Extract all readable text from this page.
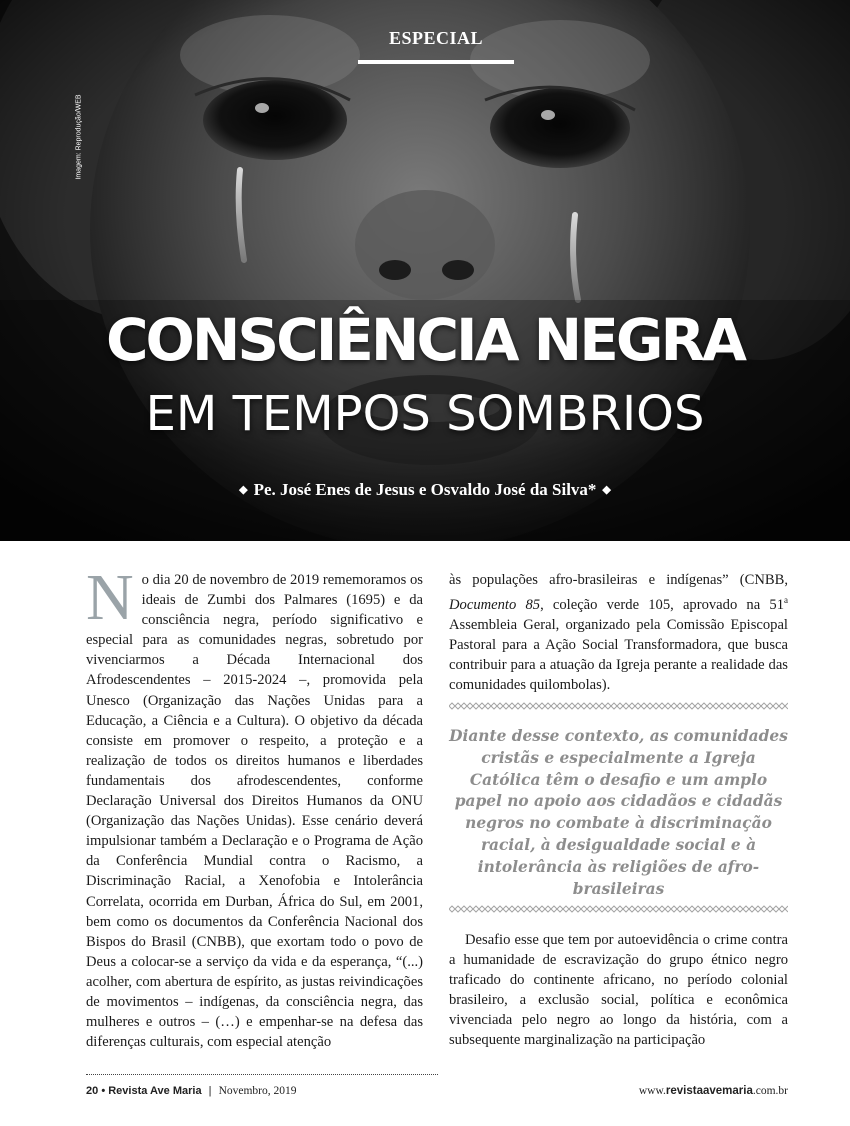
ESPECIAL
Imagem: Reprodução/WEB
CONSCIÊNCIA NEGRA
EM TEMPOS SOMBRIOS
◆ Pe. José Enes de Jesus e Osvaldo José da Silva* ◆
N o dia 20 de novembro de 2019 rememoramos os ideais de Zumbi dos Palmares (1695) e da consciência negra, período significativo e especial para as comunidades negras, sobretudo por vivenciarmos a Década Internacional dos Afrodescendentes – 2015-2024 –, promovida pela Unesco (Organização das Nações Unidas para a Educação, a Ciência e a Cultura). O objetivo da década consiste em promover o respeito, a proteção e a realização de todos os direitos humanos e liberdades fundamentais dos afrodescendentes, conforme Declaração Universal dos Direitos Humanos da ONU (Organização das Nações Unidas). Esse cenário deverá impulsionar também a Declaração e o Programa de Ação da Conferência Mundial contra o Racismo, a Discriminação Racial, a Xenofobia e Intolerância Correlata, ocorrida em Durban, África do Sul, em 2001, bem como os documentos da Conferência Nacional dos Bispos do Brasil (CNBB), que exortam todo o povo de Deus a colocar-se a serviço da vida e da esperança, “(...) acolher, com abertura de espírito, as justas reivindicações de movimentos – indígenas, da consciência negra, das mulheres e outros – (…) e empenhar-se na defesa das diferenças culturais, com especial atenção

às populações afro-brasileiras e indígenas” (CNBB, Documento 85, coleção verde 105, aprovado na 51$^a$ Assembleia Geral, organizado pela Comissão Episcopal Pastoral para a Ação Social Transformadora, que busca contribuir para a atuação da Igreja perante a realidade das comunidades quilombolas).

Diante desse contexto, as comunidades cristãs e especialmente a Igreja Católica têm o desafio e um amplo papel no apoio aos cidadãos e cidadãs negros no combate à discriminação racial, à desigualdade social e à intolerância às religiões de afro-brasileiras

Desafio esse que tem por autoevidência o crime contra a humanidade de escravização do grupo étnico negro traficado do continente africano, no período colonial brasileiro, a exclusão social, política e econômica vivenciada pelo negro ao longo da história, com a subsequente marginalização na participação

20 • Revista Ave Maria | Novembro, 2019	www.revistaavemaria.com.br
